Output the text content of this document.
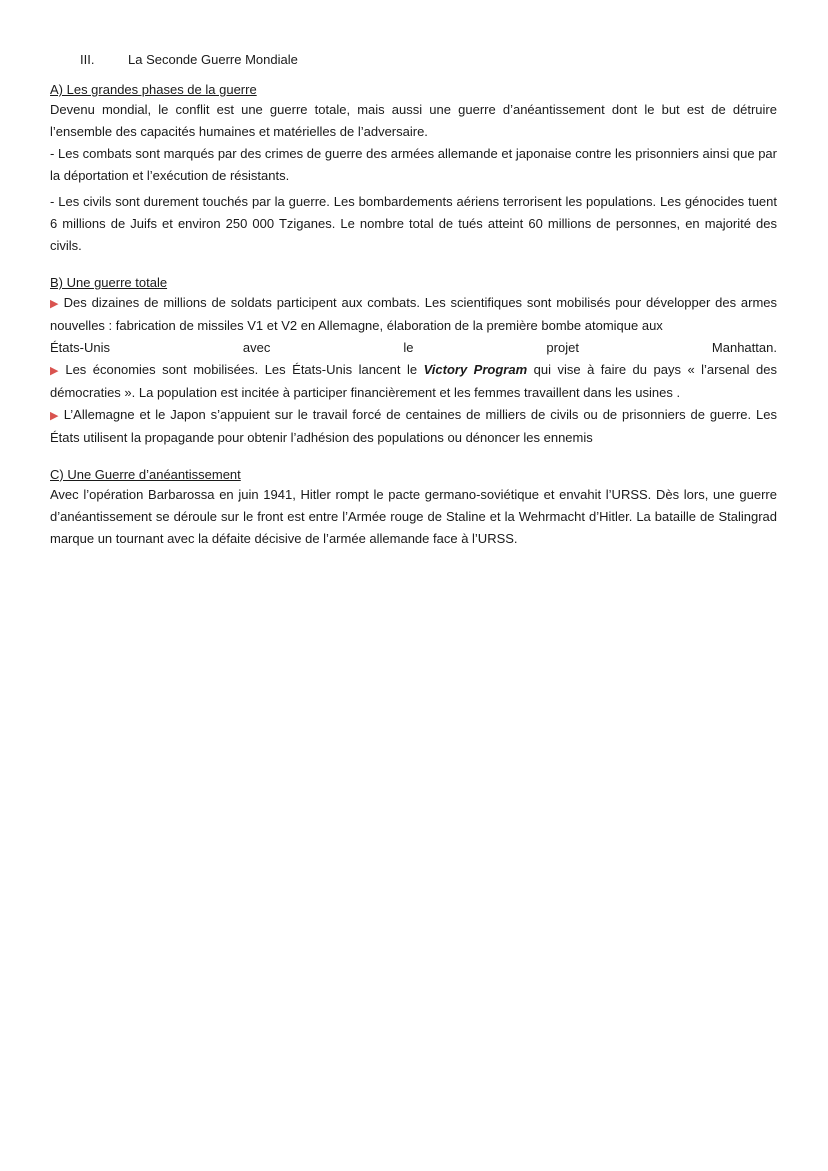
III.	La Seconde Guerre Mondiale

A) Les grandes phases de la guerre

Devenu mondial, le conflit est une guerre totale, mais aussi une guerre d’anéantissement dont le but est de détruire l’ensemble des capacités humaines et matérielles de l’adversaire.

- Les combats sont marqués par des crimes de guerre des armées allemande et japonaise contre les prisonniers ainsi que par la déportation et l’exécution de résistants.

- Les civils sont durement touchés par la guerre. Les bombardements aériens terrorisent les populations. Les génocides tuent 6 millions de Juifs et environ 250 000 Tziganes. Le nombre total de tués atteint 60 millions de personnes, en majorité des civils.

B) Une guerre totale

▶ Des dizaines de millions de soldats participent aux combats. Les scientifiques sont mobilisés pour développer des armes nouvelles : fabrication de missiles V1 et V2 en Allemagne, élaboration de la première bombe atomique aux

États-Unis	avec	le	projet	Manhattan.

▶ Les économies sont mobilisées. Les États-Unis lancent le Victory Program qui vise à faire du pays « l’arsenal des démocraties ». La population est incitée à participer financièrement et les femmes travaillent dans les usines .

▶ L’Allemagne et le Japon s’appuient sur le travail forcé de centaines de milliers de civils ou de prisonniers de guerre. Les États utilisent la propagande pour obtenir l’adhésion des populations ou dénoncer les ennemis

C) Une Guerre d’anéantissement

Avec l’opération Barbarossa en juin 1941, Hitler rompt le pacte germano-soviétique et envahit l’URSS. Dès lors, une guerre d’anéantissement se déroule sur le front est entre l’Armée rouge de Staline et la Wehrmacht d’Hitler. La bataille de Stalingrad marque un tournant avec la défaite décisive de l’armée allemande face à l’URSS.
